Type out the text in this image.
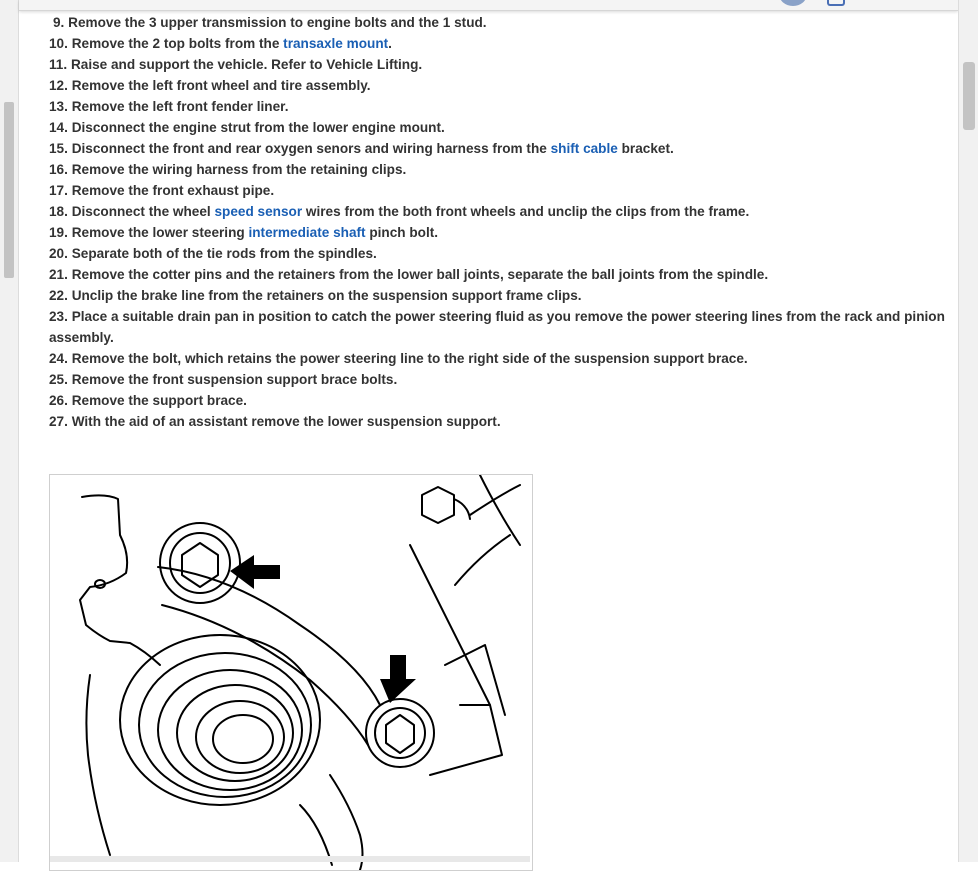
9. Remove the 3 upper transmission to engine bolts and the 1 stud.
10. Remove the 2 top bolts from the transaxle mount.
11. Raise and support the vehicle. Refer to Vehicle Lifting.
12. Remove the left front wheel and tire assembly.
13. Remove the left front fender liner.
14. Disconnect the engine strut from the lower engine mount.
15. Disconnect the front and rear oxygen senors and wiring harness from the shift cable bracket.
16. Remove the wiring harness from the retaining clips.
17. Remove the front exhaust pipe.
18. Disconnect the wheel speed sensor wires from the both front wheels and unclip the clips from the frame.
19. Remove the lower steering intermediate shaft pinch bolt.
20. Separate both of the tie rods from the spindles.
21. Remove the cotter pins and the retainers from the lower ball joints, separate the ball joints from the spindle.
22. Unclip the brake line from the retainers on the suspension support frame clips.
23. Place a suitable drain pan in position to catch the power steering fluid as you remove the power steering lines from the rack and pinion assembly.
24. Remove the bolt, which retains the power steering line to the right side of the suspension support brace.
25. Remove the front suspension support brace bolts.
26. Remove the support brace.
27. With the aid of an assistant remove the lower suspension support.
